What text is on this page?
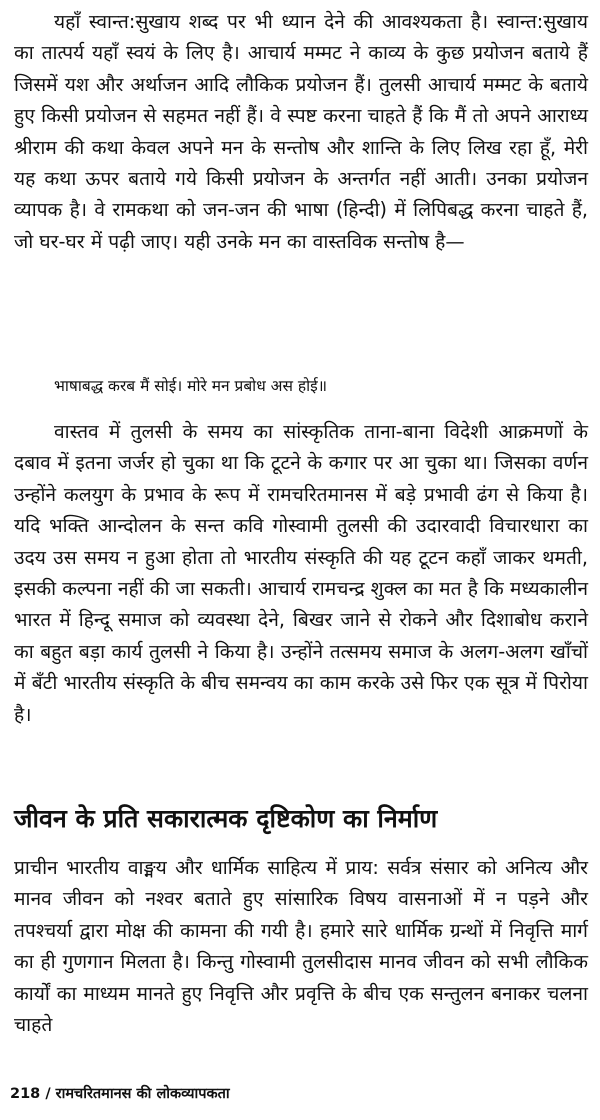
यहाँ स्वान्त:सुखाय शब्द पर भी ध्यान देने की आवश्यकता है। स्वान्त:सुखाय का तात्पर्य यहाँ स्वयं के लिए है। आचार्य मम्मट ने काव्य के कुछ प्रयोजन बताये हैं जिसमें यश और अर्थाजन आदि लौकिक प्रयोजन हैं। तुलसी आचार्य मम्मट के बताये हुए किसी प्रयोजन से सहमत नहीं हैं। वे स्पष्ट करना चाहते हैं कि मैं तो अपने आराध्य श्रीराम की कथा केवल अपने मन के सन्तोष और शान्ति के लिए लिख रहा हूँ, मेरी यह कथा ऊपर बताये गये किसी प्रयोजन के अन्तर्गत नहीं आती। उनका प्रयोजन व्यापक है। वे रामकथा को जन-जन की भाषा (हिन्दी) में लिपिबद्ध करना चाहते हैं, जो घर-घर में पढ़ी जाए। यही उनके मन का वास्तविक सन्तोष है—

भाषाबद्ध करब मैं सोई। मोरे मन प्रबोध अस होई॥

वास्तव में तुलसी के समय का सांस्कृतिक ताना-बाना विदेशी आक्रमणों के दबाव में इतना जर्जर हो चुका था कि टूटने के कगार पर आ चुका था। जिसका वर्णन उन्होंने कलयुग के प्रभाव के रूप में रामचरितमानस में बड़े प्रभावी ढंग से किया है। यदि भक्ति आन्दोलन के सन्त कवि गोस्वामी तुलसी की उदारवादी विचारधारा का उदय उस समय न हुआ होता तो भारतीय संस्कृति की यह टूटन कहाँ जाकर थमती, इसकी कल्पना नहीं की जा सकती। आचार्य रामचन्द्र शुक्ल का मत है कि मध्यकालीन भारत में हिन्दू समाज को व्यवस्था देने, बिखर जाने से रोकने और दिशाबोध कराने का बहुत बड़ा कार्य तुलसी ने किया है। उन्होंने तत्समय समाज के अलग-अलग खाँचों में बँटी भारतीय संस्कृति के बीच समन्वय का काम करके उसे फिर एक सूत्र में पिरोया है।

जीवन के प्रति सकारात्मक दृष्टिकोण का निर्माण

प्राचीन भारतीय वाङ्मय और धार्मिक साहित्य में प्राय: सर्वत्र संसार को अनित्य और मानव जीवन को नश्वर बताते हुए सांसारिक विषय वासनाओं में न पड़ने और तपश्चर्या द्वारा मोक्ष की कामना की गयी है। हमारे सारे धार्मिक ग्रन्थों में निवृत्ति मार्ग का ही गुणगान मिलता है। किन्तु गोस्वामी तुलसीदास मानव जीवन को सभी लौकिक कार्यों का माध्यम मानते हुए निवृत्ति और प्रवृत्ति के बीच एक सन्तुलन बनाकर चलना चाहते

218 / रामचरितमानस की लोकव्यापकता
